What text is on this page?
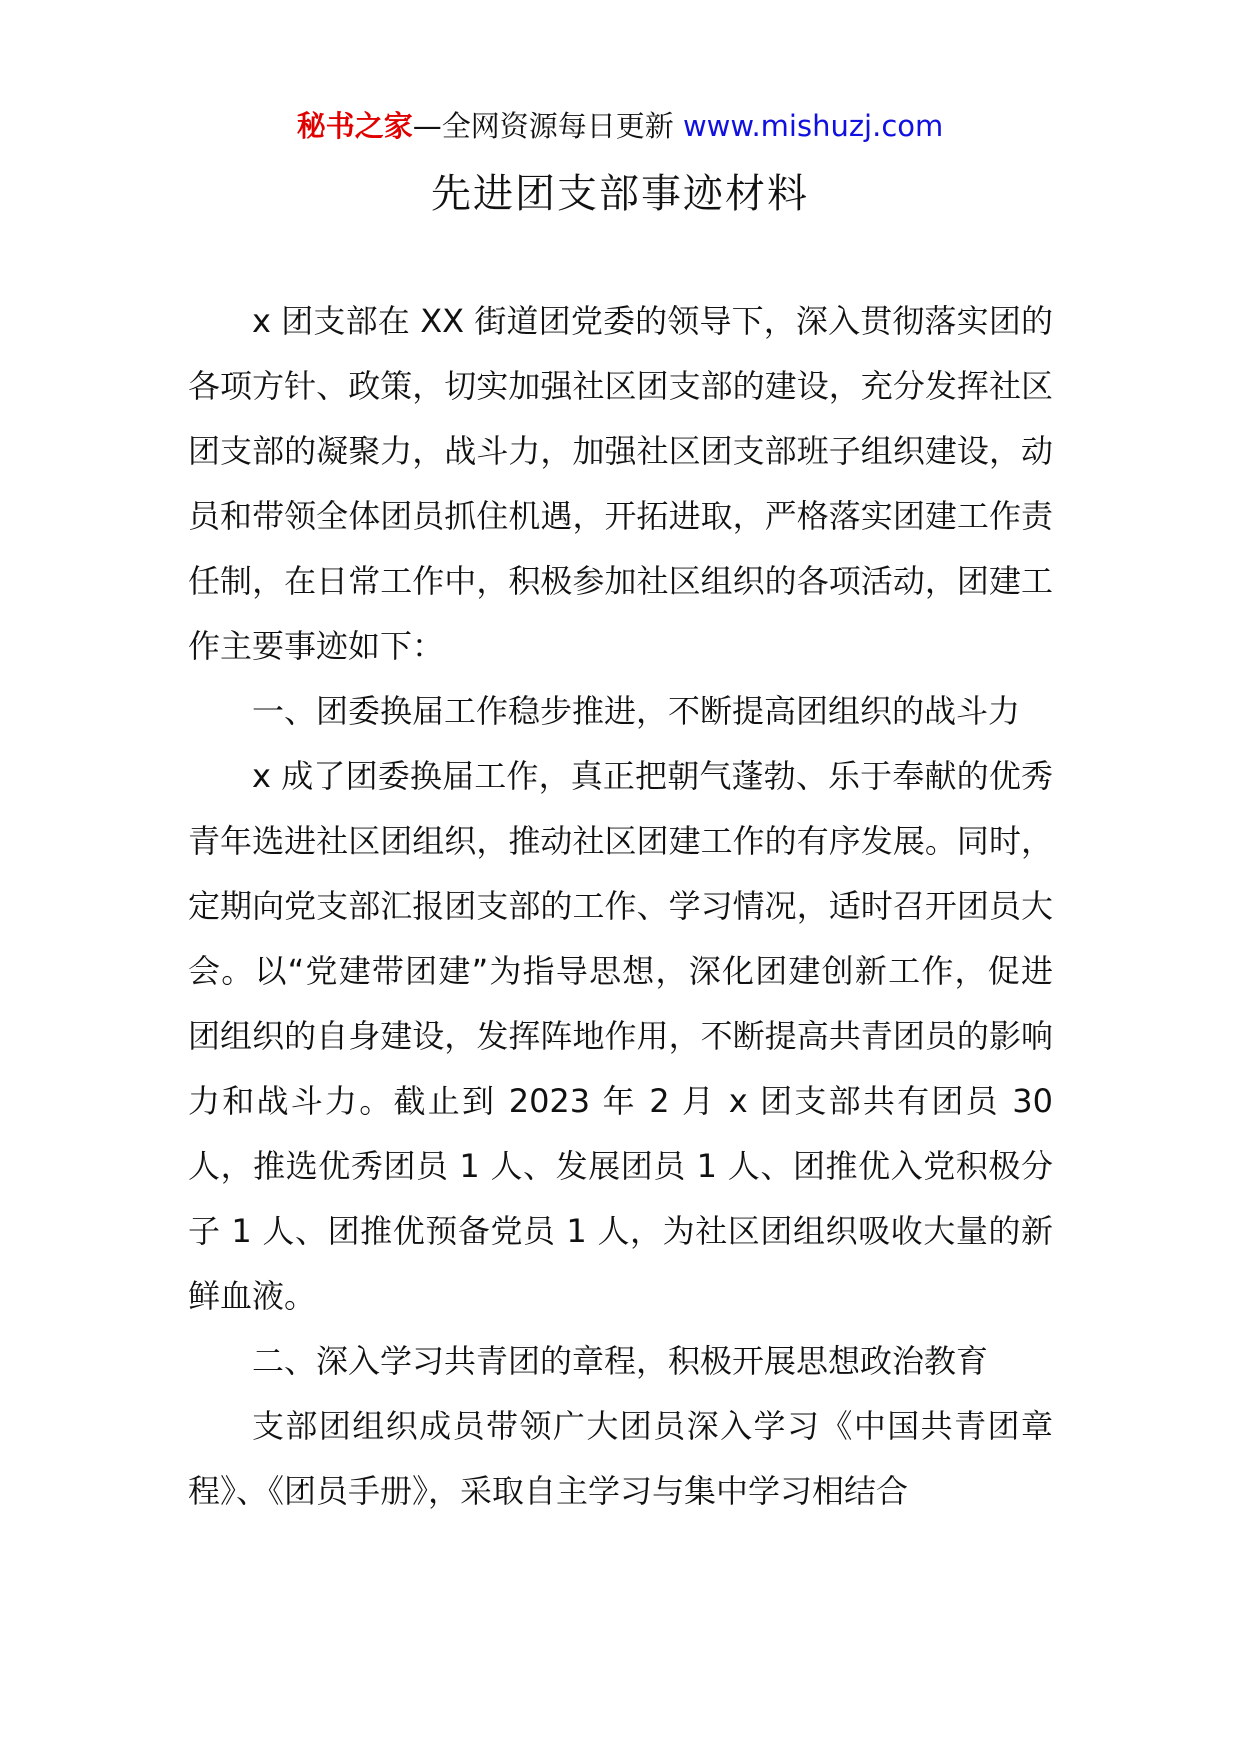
秘书之家—全网资源每日更新 www.mishuzj.com
先进团支部事迹材料

x 团支部在 XX 街道团党委的领导下，深入贯彻落实团的各项方针、政策，切实加强社区团支部的建设，充分发挥社区团支部的凝聚力，战斗力，加强社区团支部班子组织建设，动员和带领全体团员抓住机遇，开拓进取，严格落实团建工作责任制，在日常工作中，积极参加社区组织的各项活动，团建工作主要事迹如下：

一、团委换届工作稳步推进，不断提高团组织的战斗力

x 成了团委换届工作，真正把朝气蓬勃、乐于奉献的优秀青年选进社区团组织，推动社区团建工作的有序发展。同时，定期向党支部汇报团支部的工作、学习情况，适时召开团员大会。以“党建带团建”为指导思想，深化团建创新工作，促进团组织的自身建设，发挥阵地作用，不断提高共青团员的影响力和战斗力。截止到 2023 年 2 月 x 团支部共有团员 30 人，推选优秀团员 1 人、发展团员 1 人、团推优入党积极分子 1 人、团推优预备党员 1 人，为社区团组织吸收大量的新鲜血液。

二、深入学习共青团的章程，积极开展思想政治教育

支部团组织成员带领广大团员深入学习《中国共青团章程》、《团员手册》，采取自主学习与集中学习相结合
